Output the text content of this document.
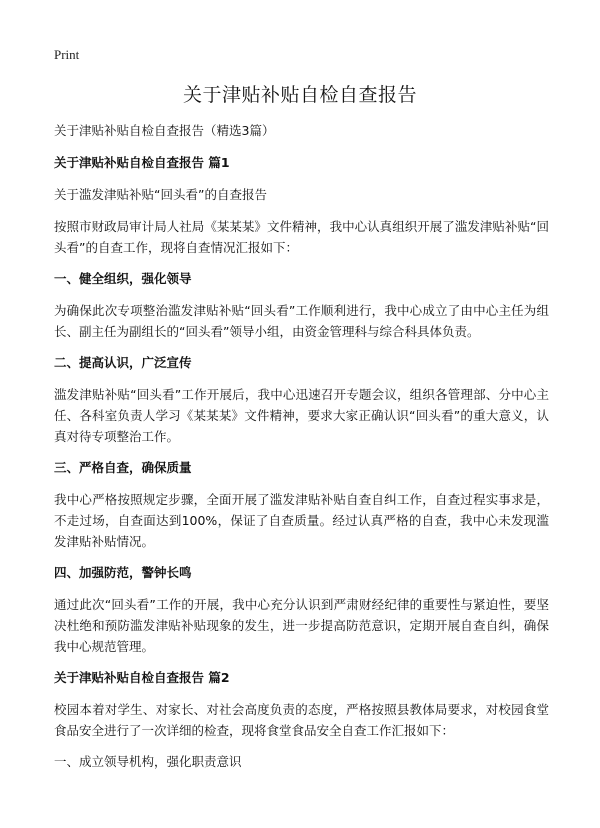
Print
关于津贴补贴自检自查报告

关于津贴补贴自检自查报告（精选3篇）

关于津贴补贴自检自查报告 篇1

关于滥发津贴补贴“回头看”的自查报告

按照市财政局审计局人社局《某某某》文件精神，我中心认真组织开展了滥发津贴补贴“回头看”的自查工作，现将自查情况汇报如下：

一、健全组织，强化领导

为确保此次专项整治滥发津贴补贴“回头看”工作顺利进行，我中心成立了由中心主任为组长、副主任为副组长的“回头看”领导小组，由资金管理科与综合科具体负责。

二、提高认识，广泛宣传

滥发津贴补贴“回头看”工作开展后，我中心迅速召开专题会议，组织各管理部、分中心主任、各科室负责人学习《某某某》文件精神，要求大家正确认识“回头看”的重大意义，认真对待专项整治工作。

三、严格自查，确保质量

我中心严格按照规定步骤，全面开展了滥发津贴补贴自查自纠工作，自查过程实事求是，不走过场，自查面达到100%，保证了自查质量。经过认真严格的自查，我中心未发现滥发津贴补贴情况。

四、加强防范，警钟长鸣

通过此次“回头看”工作的开展，我中心充分认识到严肃财经纪律的重要性与紧迫性，要坚决杜绝和预防滥发津贴补贴现象的发生，进一步提高防范意识，定期开展自查自纠，确保我中心规范管理。

关于津贴补贴自检自查报告 篇2

校园本着对学生、对家长、对社会高度负责的态度，严格按照县教体局要求，对校园食堂食品安全进行了一次详细的检查，现将食堂食品安全自查工作汇报如下：

一、成立领导机构，强化职责意识
